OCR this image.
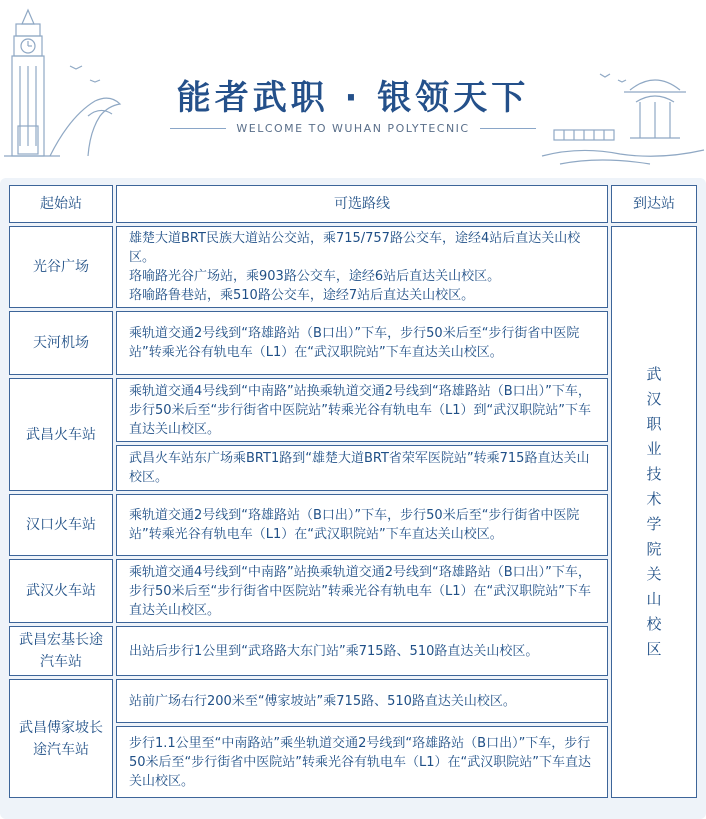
能者武职 · 银领天下
WELCOME TO WUHAN POLYTECNIC
起始站	可选路线	到达站
光谷广场	雄楚大道BRT民族大道站公交站，乘715/757路公交车，途经4站后直达关山校区。
珞喻路光谷广场站，乘903路公交车，途经6站后直达关山校区。
珞喻路鲁巷站，乘510路公交车，途经7站后直达关山校区。	武汉职业技术学院关山校区
天河机场	乘轨道交通2号线到“珞雄路站（B口出）”下车，步行50米后至“步行街省中医院站”转乘光谷有轨电车（L1）在“武汉职院站”下车直达关山校区。	

武昌火车站	乘轨道交通4号线到“中南路”站换乘轨道交通2号线到“珞雄路站（B口出）”下车，步行50米后至“步行街省中医院站”转乘光谷有轨电车（L1）到“武汉职院站”下车直达关山校区。	

	武昌火车站东广场乘BRT1路到“雄楚大道BRT省荣军医院站”转乘715路直达关山校区。	

汉口火车站	乘轨道交通2号线到“珞雄路站（B口出）”下车，步行50米后至“步行街省中医院站”转乘光谷有轨电车（L1）在“武汉职院站”下车直达关山校区。	

武汉火车站	乘轨道交通4号线到“中南路”站换乘轨道交通2号线到“珞雄路站（B口出）”下车，步行50米后至“步行街省中医院站”转乘光谷有轨电车（L1）在“武汉职院站”下车直达关山校区。	

武昌宏基长途汽车站	出站后步行1公里到“武珞路大东门站”乘715路、510路直达关山校区。	

武昌傅家坡长途汽车站	站前广场右行200米至“傅家坡站”乘715路、510路直达关山校区。	

	步行1.1公里至“中南路站”乘坐轨道交通2号线到“珞雄路站（B口出）”下车，步行50米后至“步行街省中医院站”转乘光谷有轨电车（L1）在“武汉职院站”下车直达关山校区。	
